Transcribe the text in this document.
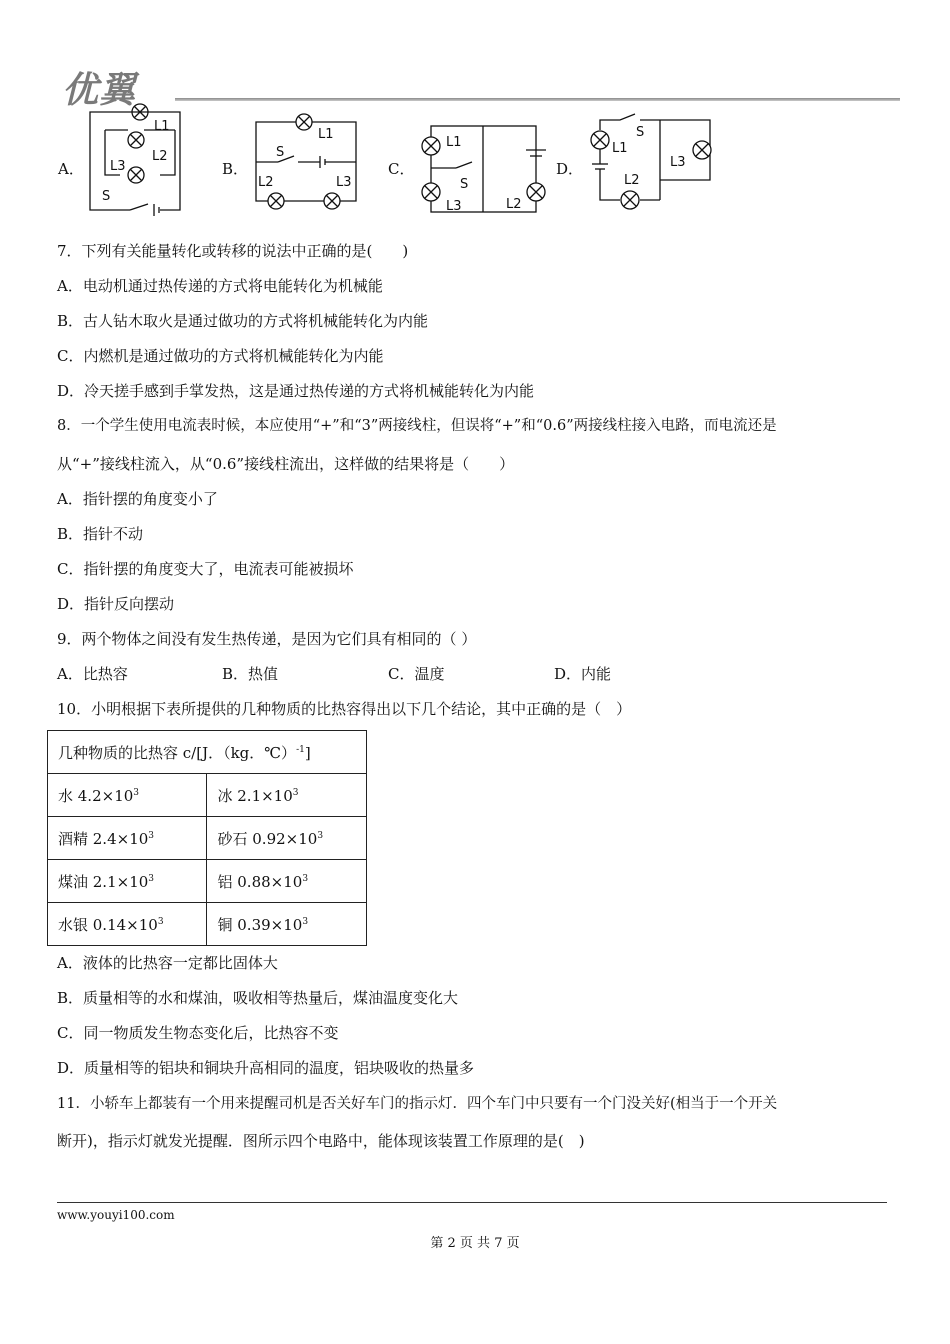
优翼
A．
L1
L2
L3
S
B．
L1
L2	L3
S
C．
L1
L2
L3
S
D．
L1
L2
L3
S
7．下列有关能量转化或转移的说法中正确的是(　　)
A．电动机通过热传递的方式将电能转化为机械能
B．古人钻木取火是通过做功的方式将机械能转化为内能
C．内燃机是通过做功的方式将机械能转化为内能
D．冷天搓手感到手掌发热，这是通过热传递的方式将机械能转化为内能
8．一个学生使用电流表时候，本应使用“+”和“3”两接线柱，但误将“+”和“0.6”两接线柱接入电路，而电流还是
从“+”接线柱流入，从“0.6”接线柱流出，这样做的结果将是（　　）
A．指针摆的角度变小了
B．指针不动
C．指针摆的角度变大了，电流表可能被损坏
D．指针反向摆动
9．两个物体之间没有发生热传递，是因为它们具有相同的（ ）
A．比热容	B．热值	C．温度	D．内能
10．小明根据下表所提供的几种物质的比热容得出以下几个结论，其中正确的是（　）
几种物质的比热容 c/[J．（kg．℃）$^{-1}$]	
水 $4.2\times 10^3$	冰 $2.1\times 10^3$
酒精 $2.4\times 10^3$	砂石 $0.92\times 10^3$
煤油 $2.1\times 10^3$	铝 $0.88\times 10^3$
水银 $0.14\times 10^3$	铜 $0.39\times 10^3$
A．液体的比热容一定都比固体大
B．质量相等的水和煤油，吸收相等热量后，煤油温度变化大
C．同一物质发生物态变化后，比热容不变
D．质量相等的铝块和铜块升高相同的温度，铝块吸收的热量多
11．小轿车上都装有一个用来提醒司机是否关好车门的指示灯．四个车门中只要有一个门没关好(相当于一个开关
断开)，指示灯就发光提醒．图所示四个电路中，能体现该装置工作原理的是(　)
www.youyi100.com
第 2 页 共 7 页
